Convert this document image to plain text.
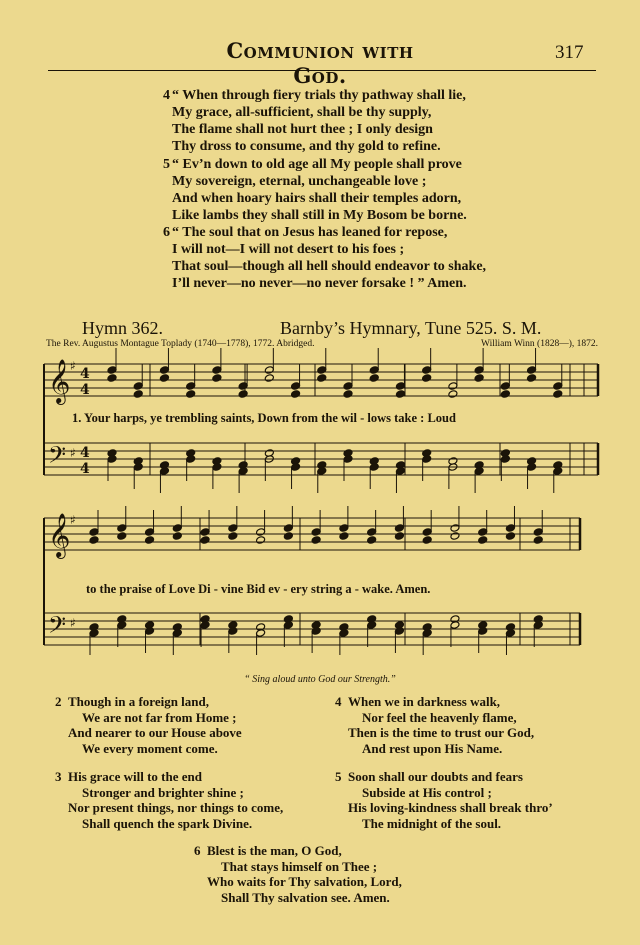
Communion with God.
317
4 “ When through fiery trials thy pathway shall lie,
My grace, all-sufficient, shall be thy supply,
The flame shall not hurt thee ; I only design
Thy dross to consume, and thy gold to refine.
5 “ Ev’n down to old age all My people shall prove
My sovereign, eternal, unchangeable love ;
And when hoary hairs shall their temples adorn,
Like lambs they shall still in My Bosom be borne.
6 “ The soul that on Jesus has leaned for repose,
I will not—I will not desert to his foes ;
That soul—though all hell should endeavor to shake,
I’ll never—no never—no never forsake ! ” Amen.
Hymn 362.	Barnby’s Hymnary, Tune 525. S. M.
The Rev. Augustus Montague Toplady (1740—1778), 1772. Abridged.	William Winn (1828—), 1872.
𝄞 ♯ 4
4
𝄢 ♯ 4
4
𝄞 ♯
𝄢 ♯
1. Your harps, ye trembling saints, Down from the wil - lows take : Loud
to the praise of Love Di - vine Bid ev - ery string a - wake. Amen.
“ Sing aloud unto God our Strength.”
2 Though in a foreign land,
We are not far from Home ;
And nearer to our House above
We every moment come.
4 When we in darkness walk,
Nor feel the heavenly flame,
Then is the time to trust our God,
And rest upon His Name.
3 His grace will to the end
Stronger and brighter shine ;
Nor present things, nor things to come,
Shall quench the spark Divine.
5 Soon shall our doubts and fears
Subside at His control ;
His loving-kindness shall break thro’
The midnight of the soul.
6 Blest is the man, O God,
That stays himself on Thee ;
Who waits for Thy salvation, Lord,
Shall Thy salvation see. Amen.
